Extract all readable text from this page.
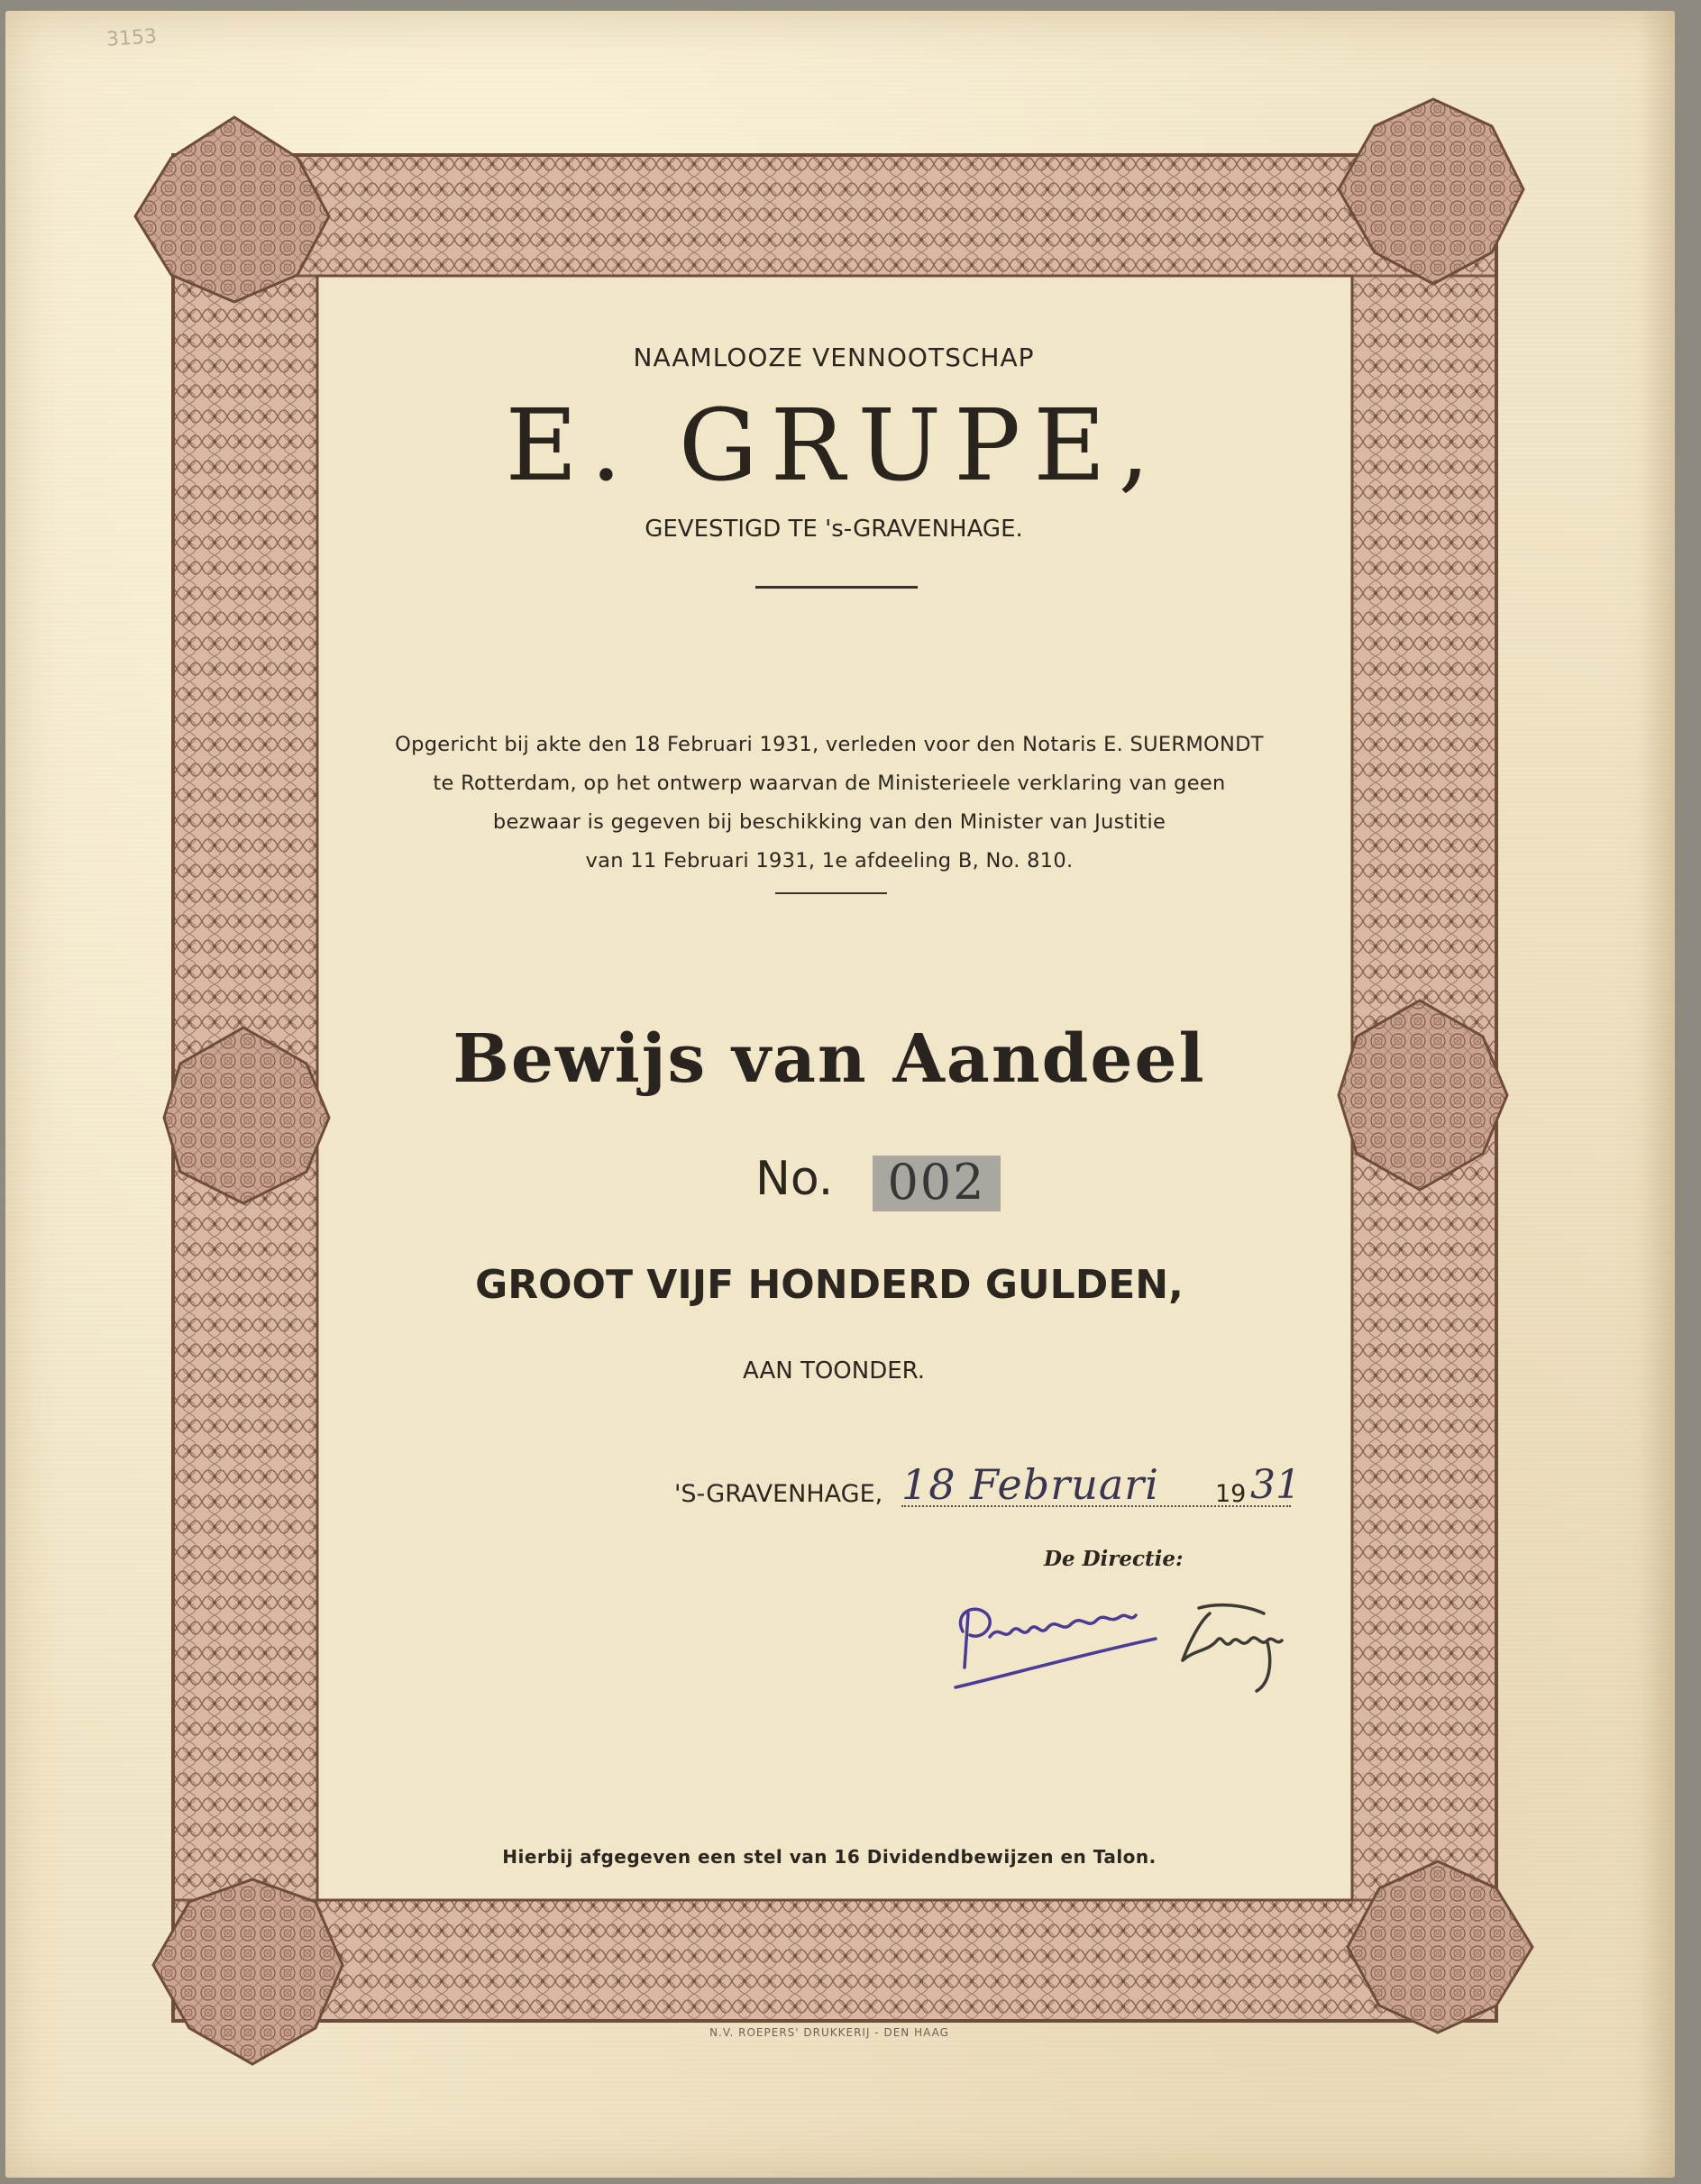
3153
NAAMLOOZE VENNOOTSCHAP
E. GRUPE,
GEVESTIGD TE 's-GRAVENHAGE.
Opgericht bij akte den 18 Februari 1931, verleden voor den Notaris E. SUERMONDT
te Rotterdam, op het ontwerp waarvan de Ministerieele verklaring van geen
bezwaar is gegeven bij beschikking van den Minister van Justitie
van 11 Februari 1931, 1e afdeeling B, No. 810.
Bewijs van Aandeel
No.	002
GROOT VIJF HONDERD GULDEN,
AAN TOONDER.
'S-GRAVENHAGE, 18 Februari	19 31
De Directie:
Hierbij afgegeven een stel van 16 Dividendbewijzen en Talon.
N.V. ROEPERS' DRUKKERIJ - DEN HAAG
